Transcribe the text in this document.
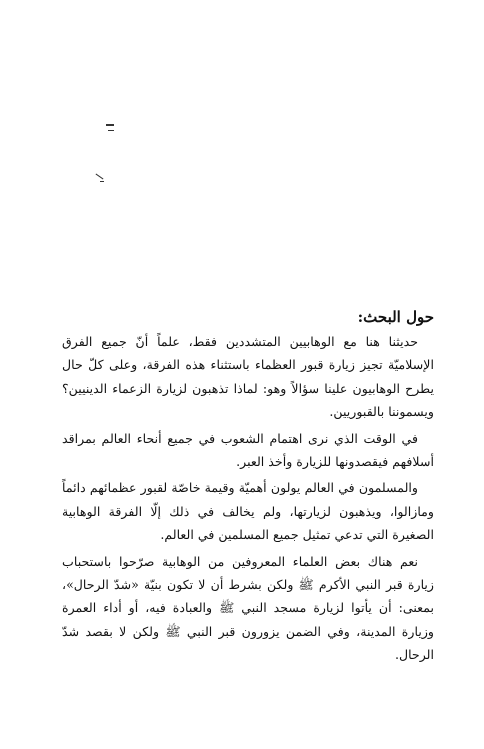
حول البحث:

حديثنا هنا مع الوهابيين المتشددين فقط، علماً أنّ جميع الفرق الإسلاميّة تجيز زيارة قبور العظماء باستثناء هذه الفرقة، وعلى كلّ حال يطرح الوهابيون علينا سؤالاً وهو: لماذا تذهبون لزيارة الزعماء الدينيين؟ ويسموننا بالقبوريين.

في الوقت الذي نرى اهتمام الشعوب في جميع أنحاء العالم بمراقد أسلافهم فيقصدونها للزيارة وأخذ العبر.

والمسلمون في العالم يولون أهميّة وقيمة خاصّة لقبور عظمائهم دائماً ومازالوا، ويذهبون لزيارتها، ولم يخالف في ذلك إلّا الفرقة الوهابية الصغيرة التي تدعي تمثيل جميع المسلمين في العالم.

نعم هناك بعض العلماء المعروفين من الوهابية صرّحوا باستحباب زيارة قبر النبي الأكرم ﷺ ولكن بشرط أن لا تكون بنيّة «شدّ الرحال»، بمعنى: أن يأتوا لزيارة مسجد النبي ﷺ والعبادة فيه، أو أداء العمرة وزيارة المدينة، وفي الضمن يزورون قبر النبي ﷺ ولكن لا بقصد شدّ الرحال.
